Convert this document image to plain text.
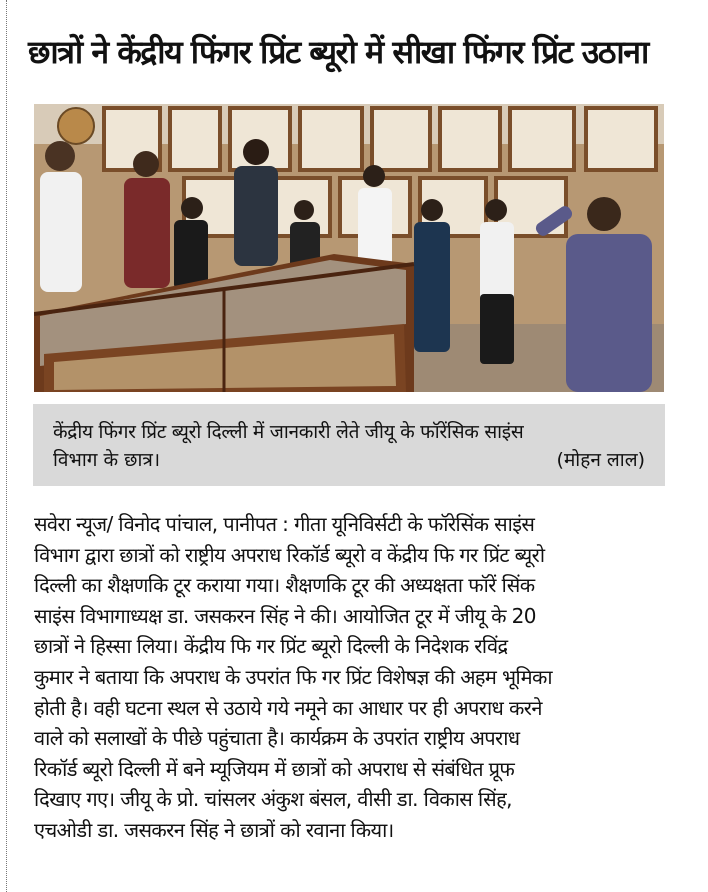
छात्रों ने केंद्रीय फिंगर प्रिंट ब्यूरो में सीखा फिंगर प्रिंट उठाना
केंद्रीय फिंगर प्रिंट ब्यूरो दिल्ली में जानकारी लेते जीयू के फॉरेंसिक साइंस
विभाग के छात्र।	(मोहन लाल)
सवेरा न्यूज/ विनोद पांचाल, पानीपत : गीता यूनिविर्सटी के फॉरेसिंक साइंस
विभाग द्वारा छात्रों को राष्ट्रीय अपराध रिकॉर्ड ब्यूरो व केंद्रीय फि गर प्रिंट ब्यूरो
दिल्ली का शैक्षणकि टूर कराया गया। शैक्षणकि टूर की अध्यक्षता फॉरें सिंक
साइंस विभागाध्यक्ष डा. जसकरन सिंह ने की। आयोजित टूर में जीयू के 20
छात्रों ने हिस्सा लिया। केंद्रीय फि गर प्रिंट ब्यूरो दिल्ली के निदेशक रविंद्र
कुमार ने बताया कि अपराध के उपरांत फि गर प्रिंट विशेषज्ञ की अहम भूमिका
होती है। वही घटना स्थल से उठाये गये नमूने का आधार पर ही अपराध करने
वाले को सलाखों के पीछे पहुंचाता है। कार्यक्रम के उपरांत राष्ट्रीय अपराध
रिकॉर्ड ब्यूरो दिल्ली में बने म्यूजियम में छात्रों को अपराध से संबंधित प्रूफ
दिखाए गए। जीयू के प्रो. चांसलर अंकुश बंसल, वीसी डा. विकास सिंह,
एचओडी डा. जसकरन सिंह ने छात्रों को रवाना किया।
